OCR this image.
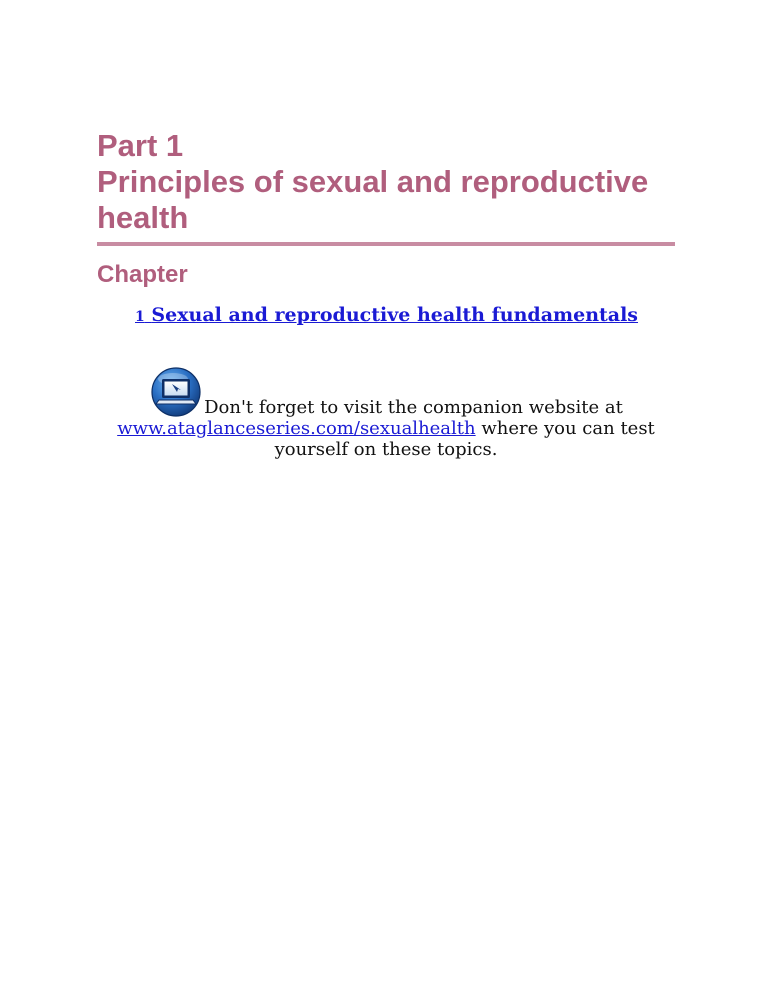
Part 1
Principles of sexual and reproductive health
Chapter
1 Sexual and reproductive health fundamentals
Don't forget to visit the companion website at www.ataglanceseries.com/sexualhealth where you can test yourself on these topics.
